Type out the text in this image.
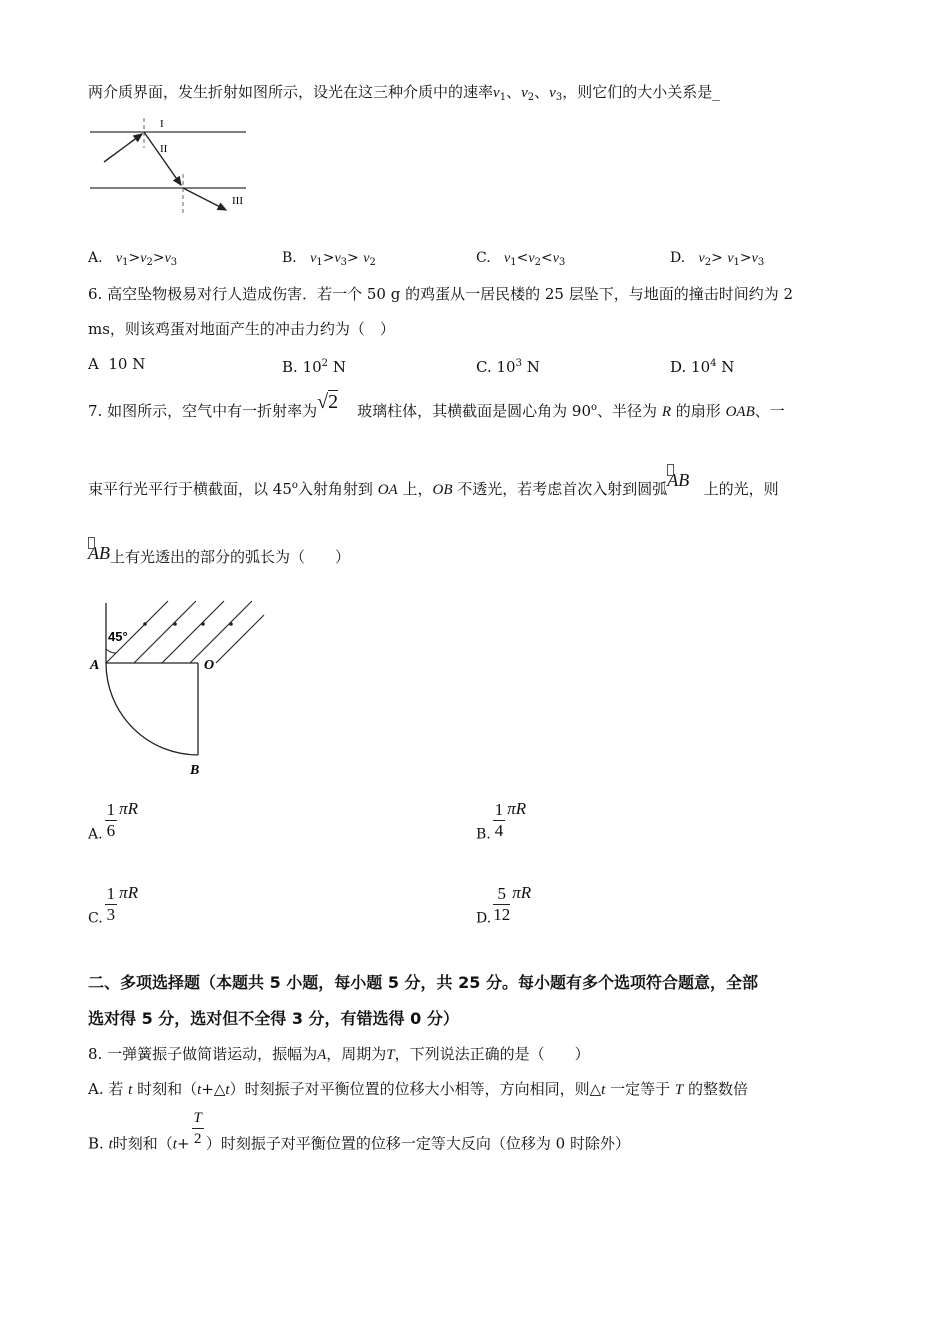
两介质界面，发生折射如图所示，设光在这三种介质中的速率$v_1$、$v_2$、$v_3$，则它们的大小关系是_
I
II
III
A. $v_1>v_2>v_3$	B. $v_1>v_3> v_2$	C. $v_1<v_2<v_3$	D. $v_2> v_1>v_3$
6. 高空坠物极易对行人造成伤害．若一个 50 g 的鸡蛋从一居民楼的 25 层坠下，与地面的撞击时间约为 2
ms，则该鸡蛋对地面产生的冲击力约为（　）
A 10 N	B. $10^2$ N	C. $10^3$ N	D. $10^4$ N
7. 如图所示，空气中有一折射率为√2 玻璃柱体，其横截面是圆心角为 90$^o$、半径为 R 的扇形 OAB、一
束平行光平行于横截面，以 45$^o$入射角射到 OA 上，OB 不透光，若考虑首次入射到圆弧
AB 上的光，则
AB上有光透出的部分的弧长为（　　）
45°
A	O
B
A. $\frac{1}{6}$ πR
B. $\frac{1}{4}$ πR
C. $\frac{1}{3}$ πR
D. $\frac{5}{12}$ πR
二、多项选择题（本题共 5 小题，每小题 5 分，共 25 分。每小题有多个选项符合题意，全部
选对得 5 分，选对但不全得 3 分，有错选得 0 分）
8. 一弹簧振子做简谐运动，振幅为A，周期为T，下列说法正确的是（　　）
A. 若 t 时刻和（t+△t）时刻振子对平衡位置的位移大小相等，方向相同，则△t 一定等于 T 的整数倍
B. t时刻和（$t+ \frac{T}{2}$ ）时刻振子对平衡位置的位移一定等大反向（位移为 0 时除外）
